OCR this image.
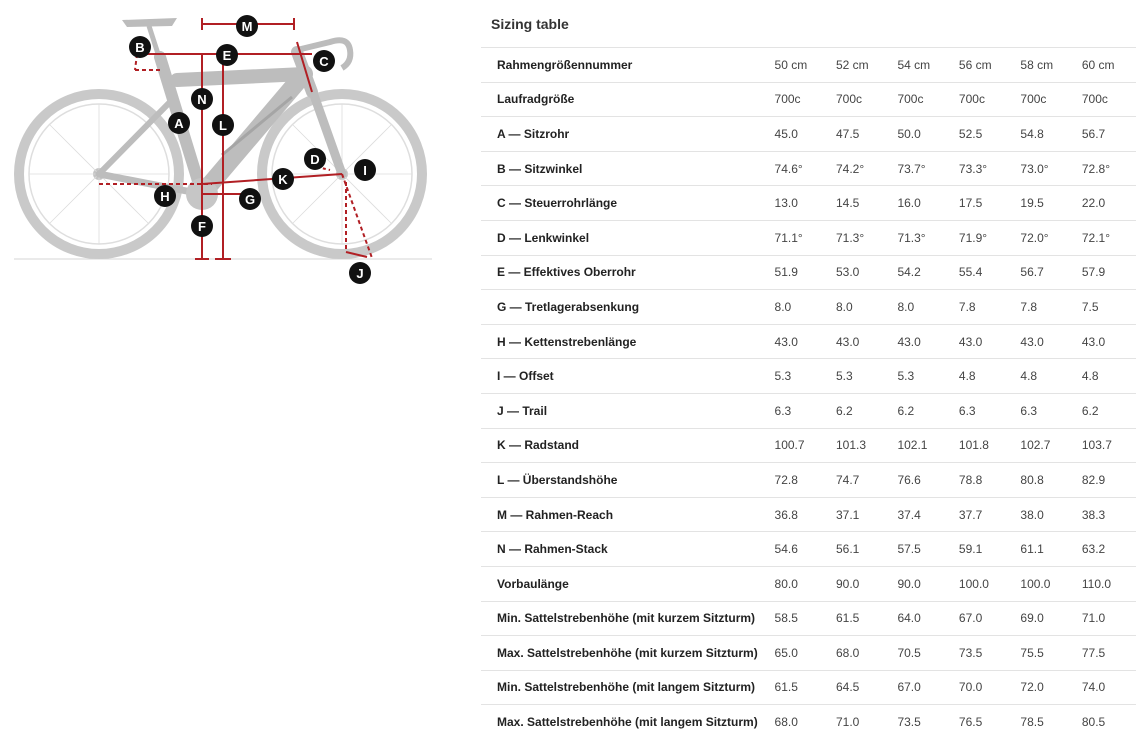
M
B
E	C
N
A	L
D
I
K
H	G
F
J
Sizing table
Rahmengrößennummer	50 cm	52 cm	54 cm	56 cm	58 cm	60 cm
Laufradgröße	700c	700c	700c	700c	700c	700c
A — Sitzrohr	45.0	47.5	50.0	52.5	54.8	56.7
B — Sitzwinkel	74.6°	74.2°	73.7°	73.3°	73.0°	72.8°
C — Steuerrohrlänge	13.0	14.5	16.0	17.5	19.5	22.0
D — Lenkwinkel	71.1°	71.3°	71.3°	71.9°	72.0°	72.1°
E — Effektives Oberrohr	51.9	53.0	54.2	55.4	56.7	57.9
G — Tretlagerabsenkung	8.0	8.0	8.0	7.8	7.8	7.5
H — Kettenstrebenlänge	43.0	43.0	43.0	43.0	43.0	43.0
I — Offset	5.3	5.3	5.3	4.8	4.8	4.8
J — Trail	6.3	6.2	6.2	6.3	6.3	6.2
K — Radstand	100.7	101.3	102.1	101.8	102.7	103.7
L — Überstandshöhe	72.8	74.7	76.6	78.8	80.8	82.9
M — Rahmen-Reach	36.8	37.1	37.4	37.7	38.0	38.3
N — Rahmen-Stack	54.6	56.1	57.5	59.1	61.1	63.2
Vorbaulänge	80.0	90.0	90.0	100.0	100.0	110.0
Min. Sattelstrebenhöhe (mit kurzem Sitzturm)	58.5	61.5	64.0	67.0	69.0	71.0
Max. Sattelstrebenhöhe (mit kurzem Sitzturm)	65.0	68.0	70.5	73.5	75.5	77.5
Min. Sattelstrebenhöhe (mit langem Sitzturm)	61.5	64.5	67.0	70.0	72.0	74.0
Max. Sattelstrebenhöhe (mit langem Sitzturm)	68.0	71.0	73.5	76.5	78.5	80.5
